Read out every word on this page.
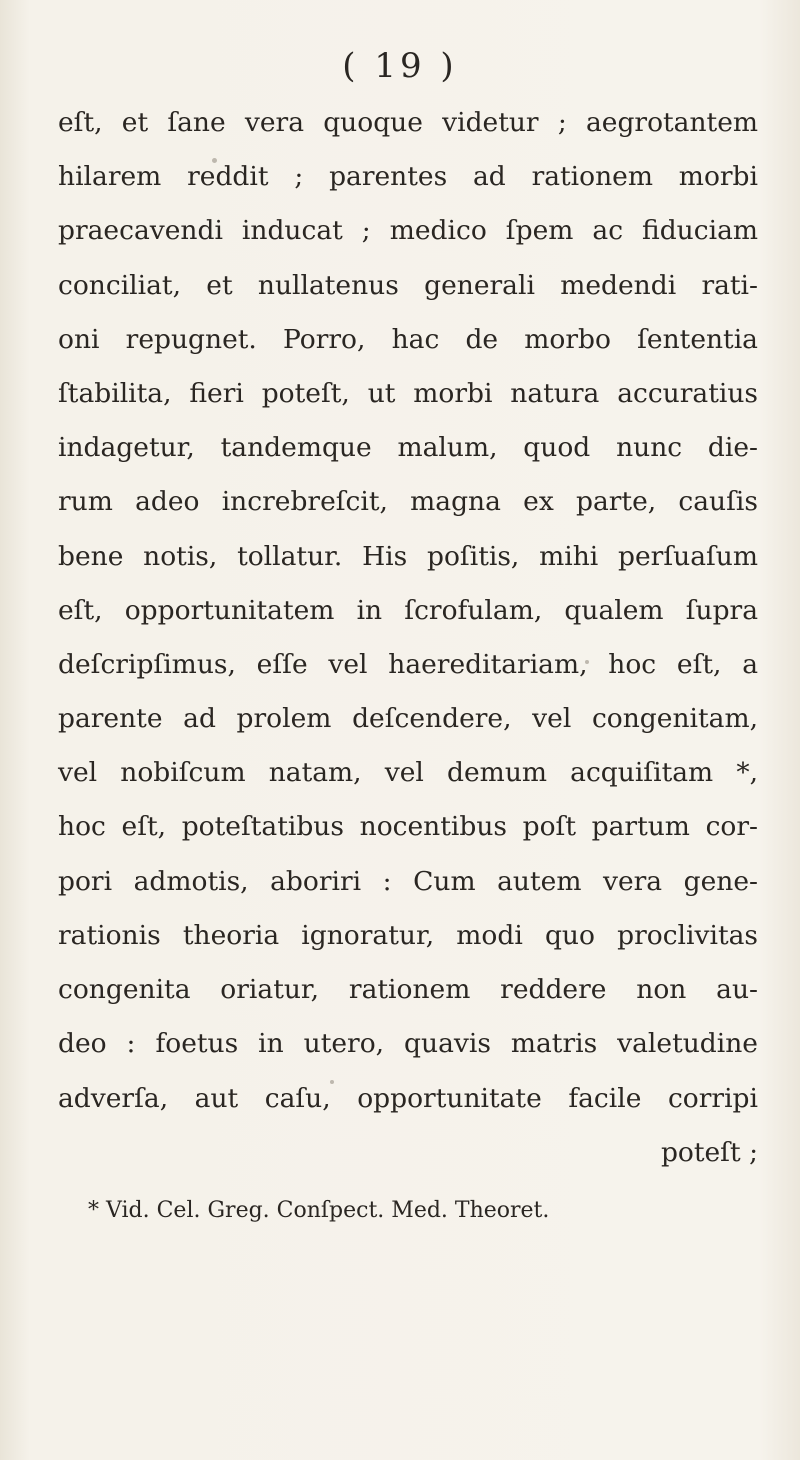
( 19 )
eſt, et ſane vera quoque videtur ; aegrotantem
hilarem reddit ; parentes ad rationem morbi
praecavendi inducat ; medico ſpem ac fiduciam
conciliat, et nullatenus generali medendi rati-
oni repugnet. Porro, hac de morbo ſententia
ſtabilita, fieri poteſt, ut morbi natura accuratius
indagetur, tandemque malum, quod nunc die-
rum adeo increbreſcit, magna ex parte, cauſis
bene notis, tollatur. His poſitis, mihi perſuaſum
eſt, opportunitatem in ſcrofulam, qualem ſupra
deſcripſimus, eſſe vel haereditariam, hoc eſt, a
parente ad prolem deſcendere, vel congenitam,
vel nobiſcum natam, vel demum acquiſitam *,
hoc eſt, poteſtatibus nocentibus poſt partum cor-
pori admotis, aboriri : Cum autem vera gene-
rationis theoria ignoratur, modi quo proclivitas
congenita oriatur, rationem reddere non au-
deo : foetus in utero, quavis matris valetudine
* Vid. Cel. Greg. Conſpect. Med. Theoret.
adverſa, aut caſu, opportunitate facile corripi
poteſt ;
